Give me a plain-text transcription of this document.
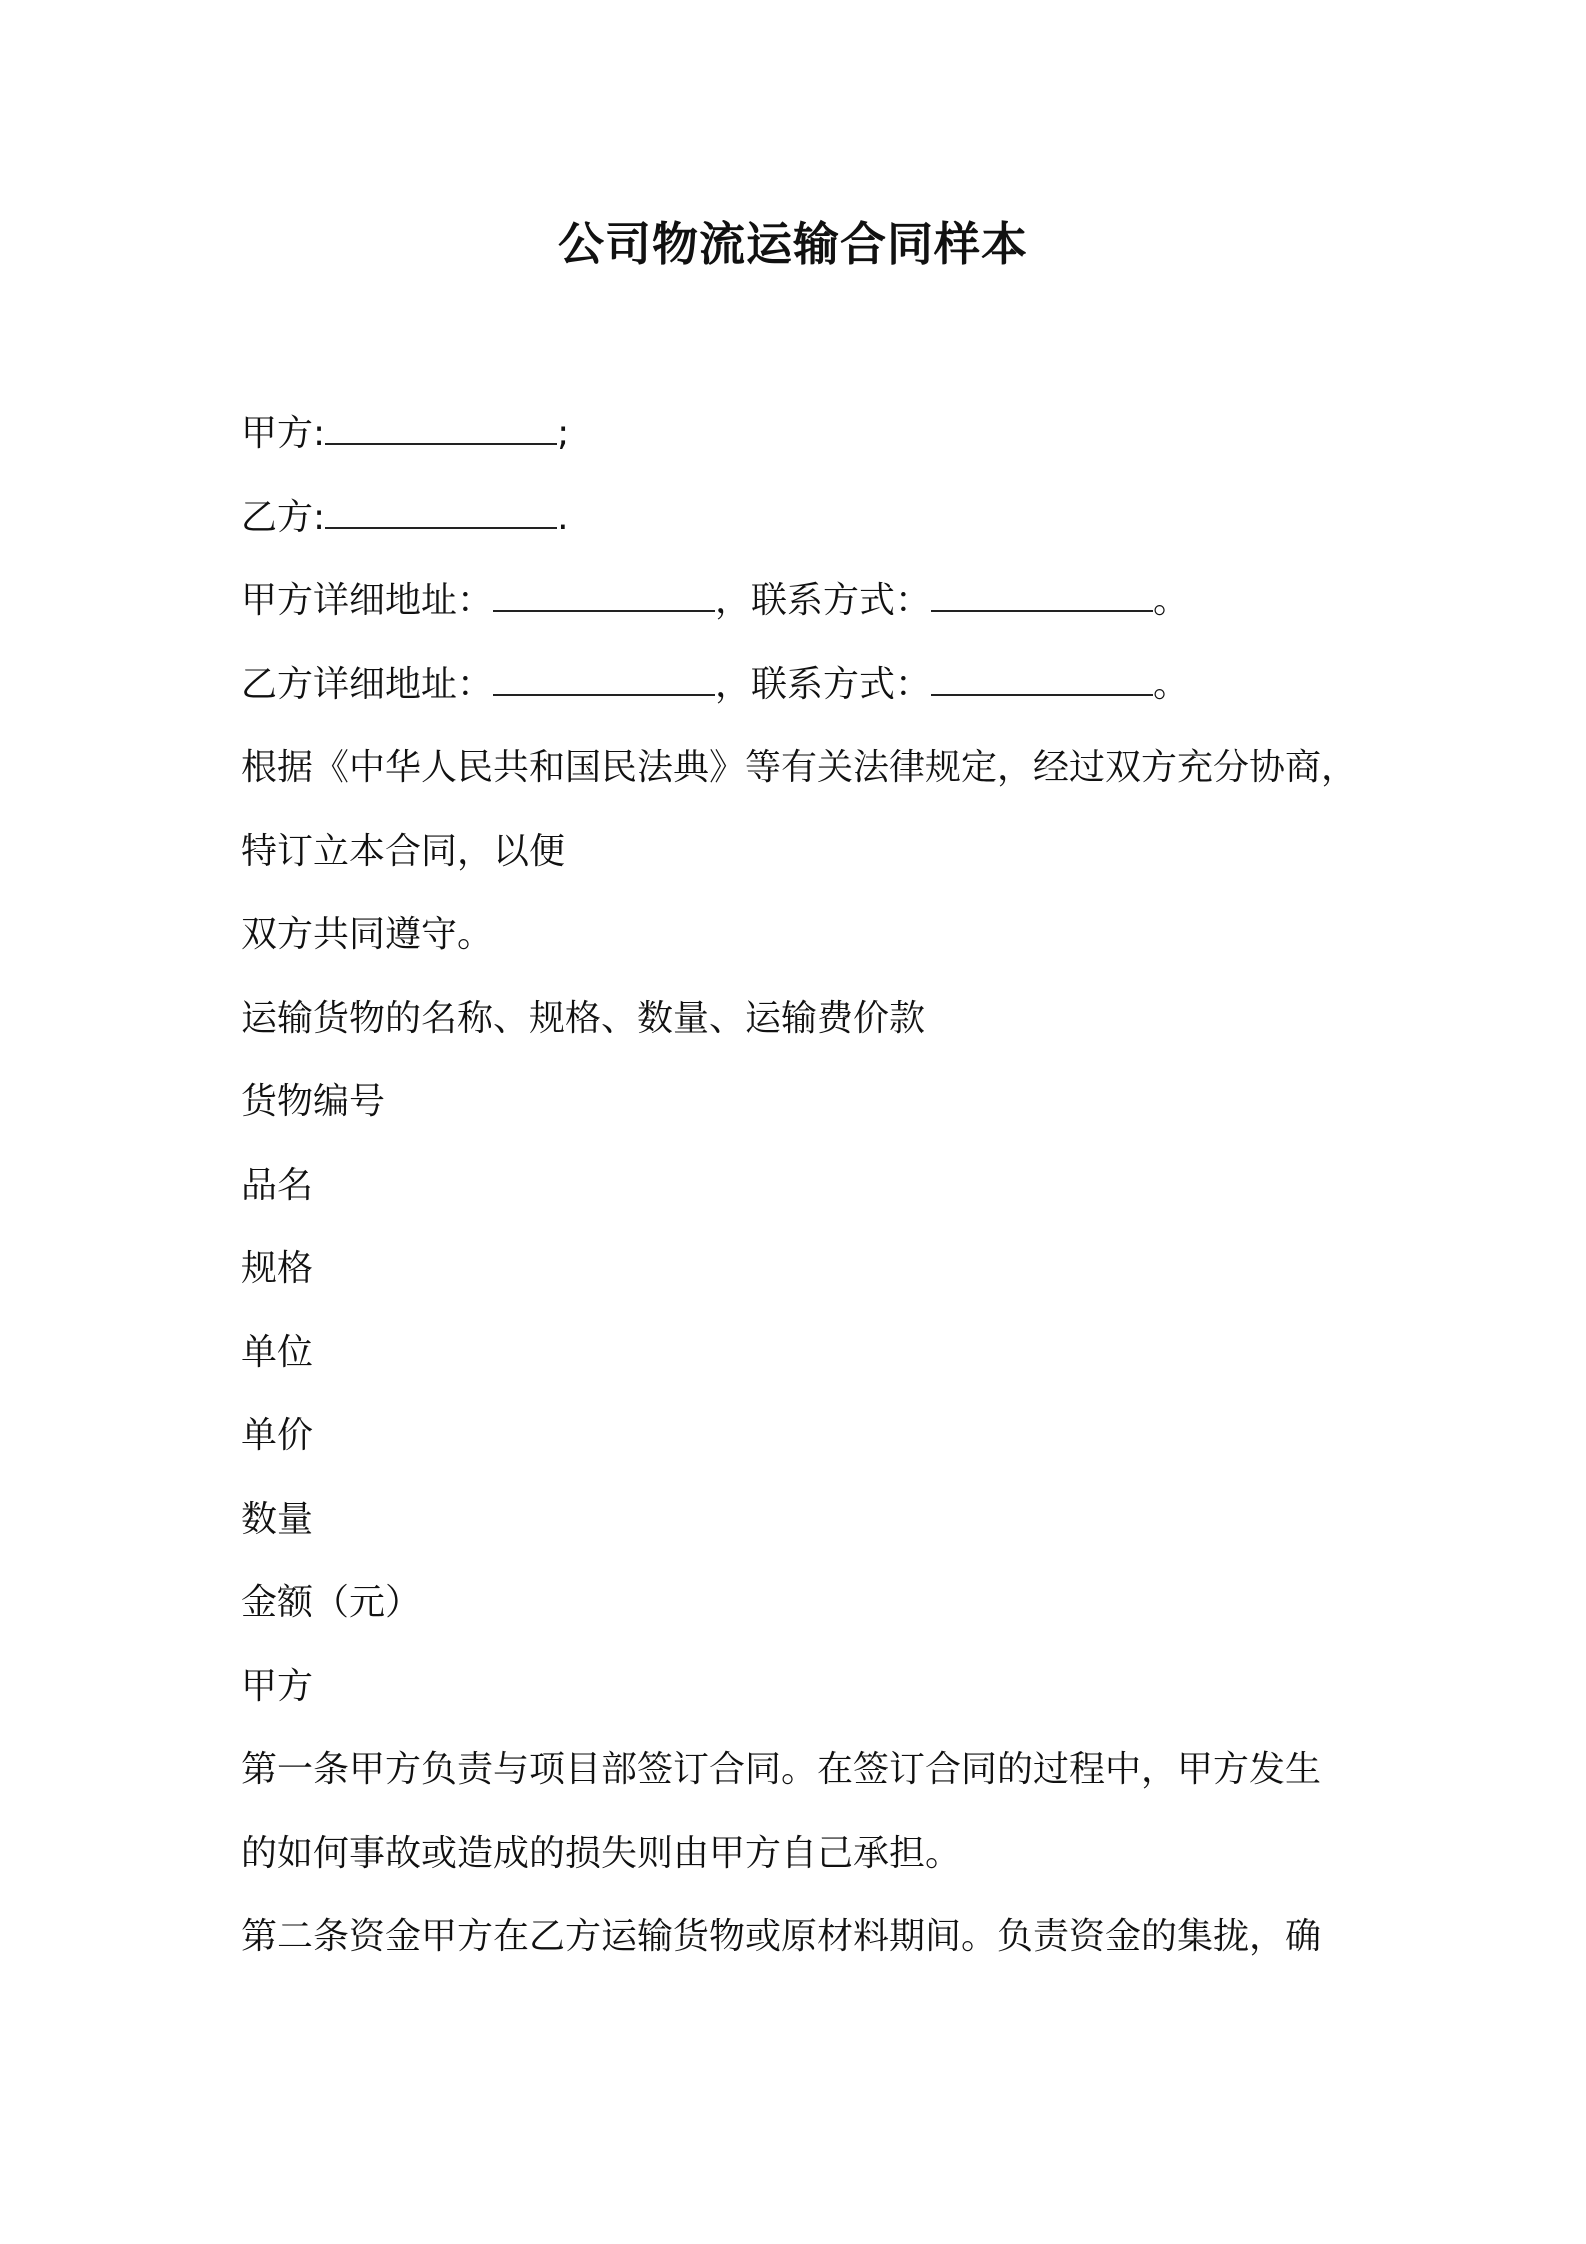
公司物流运输合同样本
甲方:	;
乙方:	.
甲方详细地址：	，联系方式：	。
乙方详细地址：	，联系方式：	。
根据《中华人民共和国民法典》等有关法律规定，经过双方充分协商，
特订立本合同，以便
双方共同遵守。
运输货物的名称、规格、数量、运输费价款
货物编号
品名
规格
单位
单价
数量
金额（元）
甲方
第一条甲方负责与项目部签订合同。在签订合同的过程中，甲方发生
的如何事故或造成的损失则由甲方自己承担。
第二条资金甲方在乙方运输货物或原材料期间。负责资金的集拢，确
